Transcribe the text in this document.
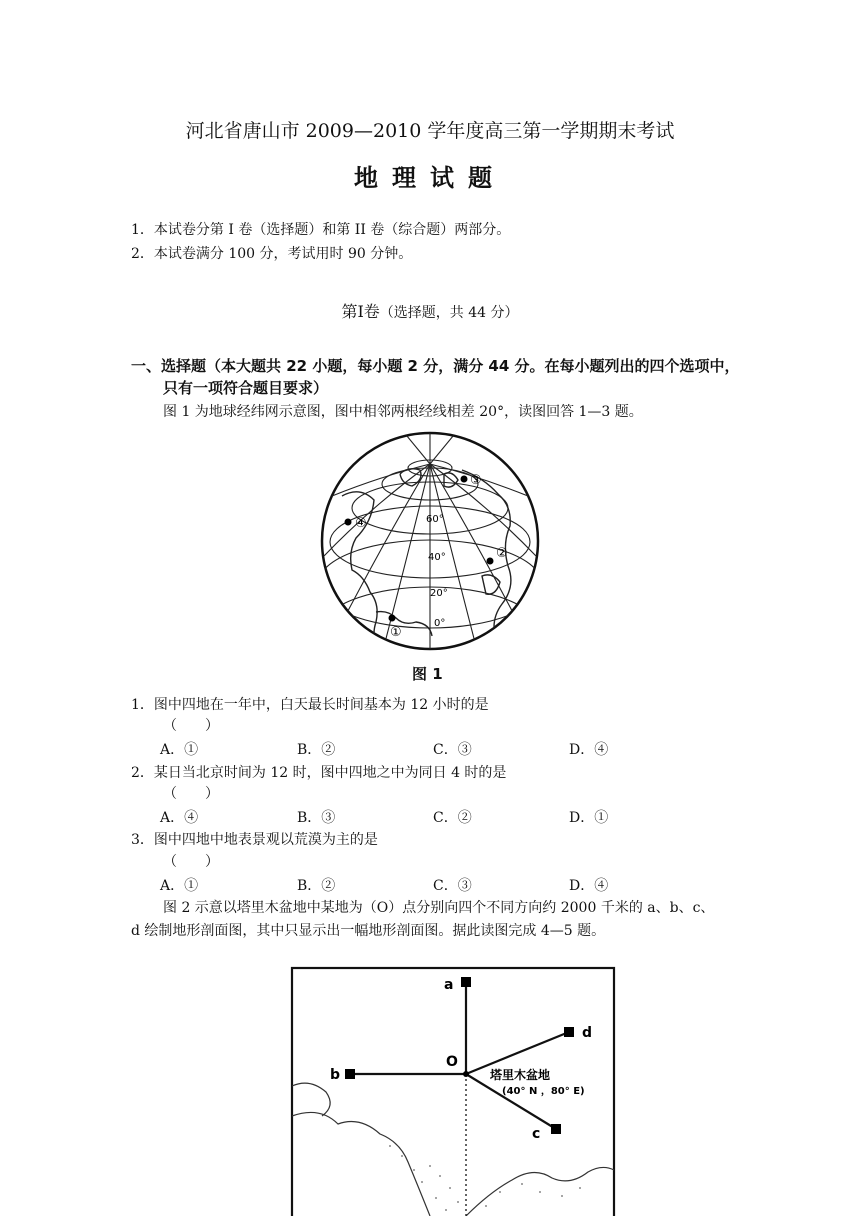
河北省唐山市 2009—2010 学年度高三第一学期期末考试
地理试题
1．本试卷分第 I 卷（选择题）和第 II 卷（综合题）两部分。
2．本试卷满分 100 分，考试用时 90 分钟。
第Ⅰ卷（选择题，共 44 分）
一、选择题（本大题共 22 小题，每小题 2 分，满分 44 分。在每小题列出的四个选项中，
只有一项符合题目要求）
图 1 为地球经纬网示意图，图中相邻两根经线相差 20°，读图回答 1—3 题。
④
②
③
①
60°
40°
20°
0°
图 1
1．图中四地在一年中，白天最长时间基本为 12 小时的是
（　　）
A．①	B．②	C．③	D．④
2．某日当北京时间为 12 时，图中四地之中为同日 4 时的是
（　　）
A．④	B．③	C．②	D．①
3．图中四地中地表景观以荒漠为主的是
（　　）
A．①	B．②	C．③	D．④
图 2 示意以塔里木盆地中某地为（O）点分别向四个不同方向约 2000 千米的 a、b、c、
d 绘制地形剖面图，其中只显示出一幅地形剖面图。据此读图完成 4—5 题。
a
b
c
d
O
塔里木盆地
(40° N ，80° E)
